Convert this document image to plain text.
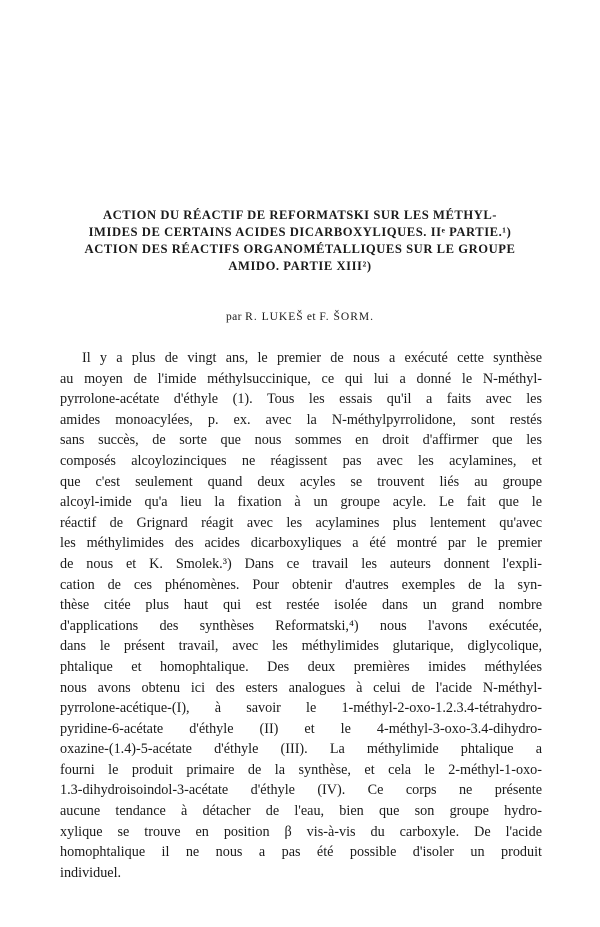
ACTION DU RÉACTIF DE REFORMATSKI SUR LES MÉTHYL-
IMIDES DE CERTAINS ACIDES DICARBOXYLIQUES. IIᵉ PARTIE.¹)
ACTION DES RÉACTIFS ORGANOMÉTALLIQUES SUR LE GROUPE
AMIDO. PARTIE XIII²)
par R. LUKEŠ et F. ŠORM.
Il y a plus de vingt ans, le premier de nous a exécuté cette synthèse
au moyen de l'imide méthylsuccinique, ce qui lui a donné le N-méthyl-
pyrrolone-acétate d'éthyle (1). Tous les essais qu'il a faits avec les
amides monoacylées, p. ex. avec la N-méthylpyrrolidone, sont restés
sans succès, de sorte que nous sommes en droit d'affirmer que les
composés alcoylozinciques ne réagissent pas avec les acylamines, et
que c'est seulement quand deux acyles se trouvent liés au groupe
alcoyl-imide qu'a lieu la fixation à un groupe acyle. Le fait que le
réactif de Grignard réagit avec les acylamines plus lentement qu'avec
les méthylimides des acides dicarboxyliques a été montré par le premier
de nous et K. Smolek.³) Dans ce travail les auteurs donnent l'expli-
cation de ces phénomènes. Pour obtenir d'autres exemples de la syn-
thèse citée plus haut qui est restée isolée dans un grand nombre
d'applications des synthèses Reformatski,⁴) nous l'avons exécutée,
dans le présent travail, avec les méthylimides glutarique, diglycolique,
phtalique et homophtalique. Des deux premières imides méthylées
nous avons obtenu ici des esters analogues à celui de l'acide N-méthyl-
pyrrolone-acétique-(I), à savoir le 1-méthyl-2-oxo-1.2.3.4-tétrahydro-
pyridine-6-acétate d'éthyle (II) et le 4-méthyl-3-oxo-3.4-dihydro-
oxazine-(1.4)-5-acétate d'éthyle (III). La méthylimide phtalique a
fourni le produit primaire de la synthèse, et cela le 2-méthyl-1-oxo-
1.3-dihydroisoindol-3-acétate d'éthyle (IV). Ce corps ne présente
aucune tendance à détacher de l'eau, bien que son groupe hydro-
xylique se trouve en position β vis-à-vis du carboxyle. De l'acide
homophtalique il ne nous a pas été possible d'isoler un produit
individuel.
